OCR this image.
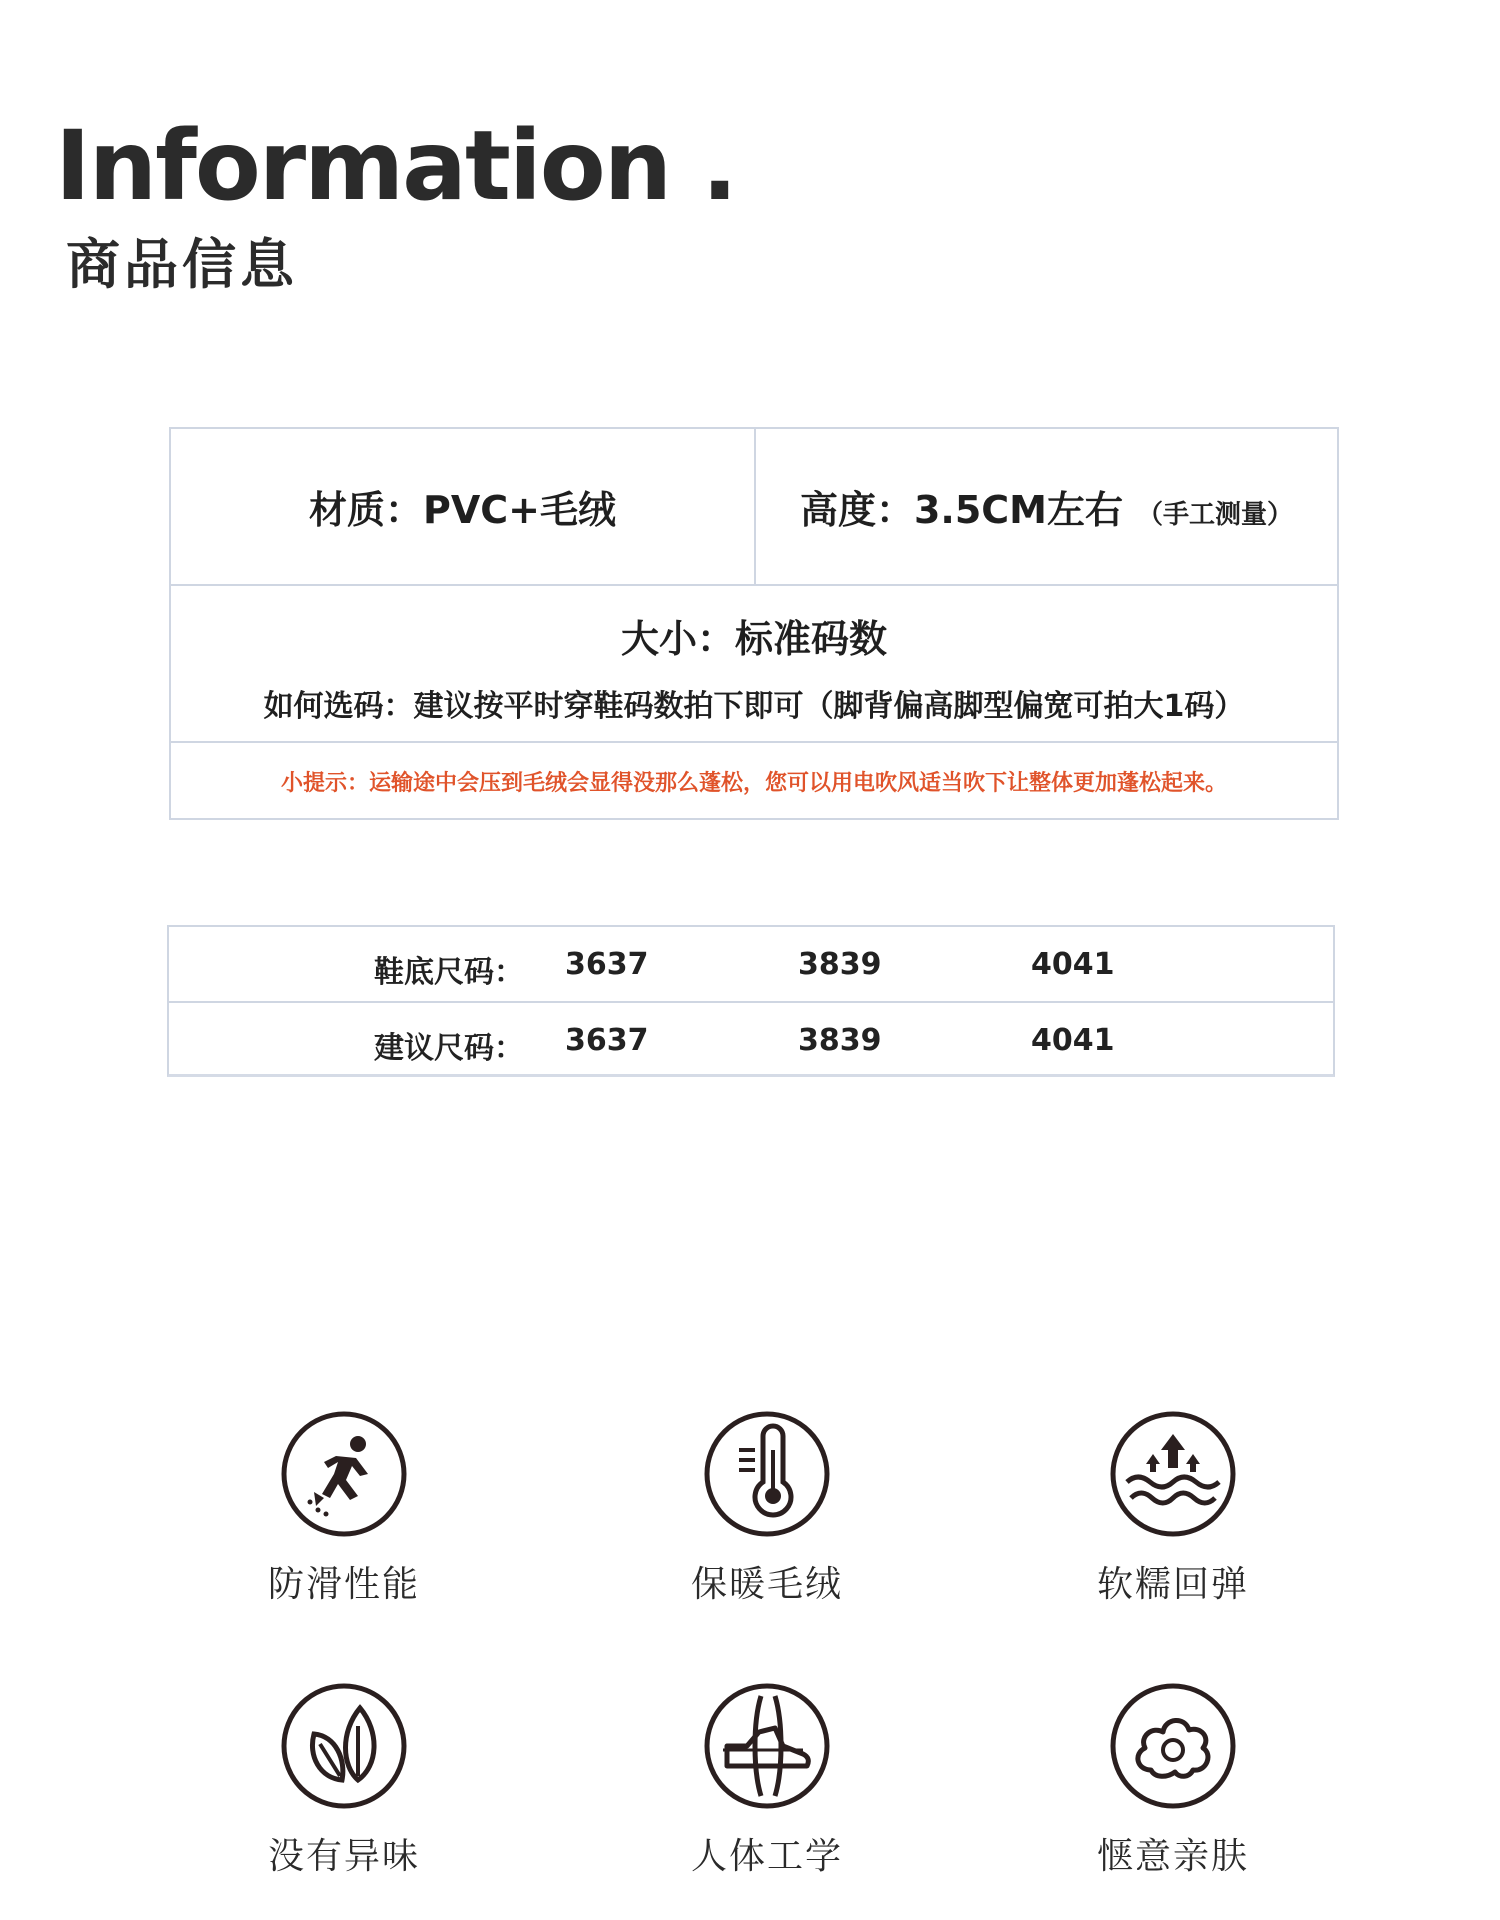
Information .
商品信息
材质：PVC+毛绒	高度：3.5CM左右 （手工测量）
大小：标准码数
如何选码：建议按平时穿鞋码数拍下即可（脚背偏高脚型偏宽可拍大1码）
小提示：运输途中会压到毛绒会显得没那么蓬松，您可以用电吹风适当吹下让整体更加蓬松起来。
鞋底尺码： 3637	3839	4041
建议尺码： 3637	3839	4041
防滑性能	保暖毛绒	软糯回弹
没有异味	人体工学	惬意亲肤
